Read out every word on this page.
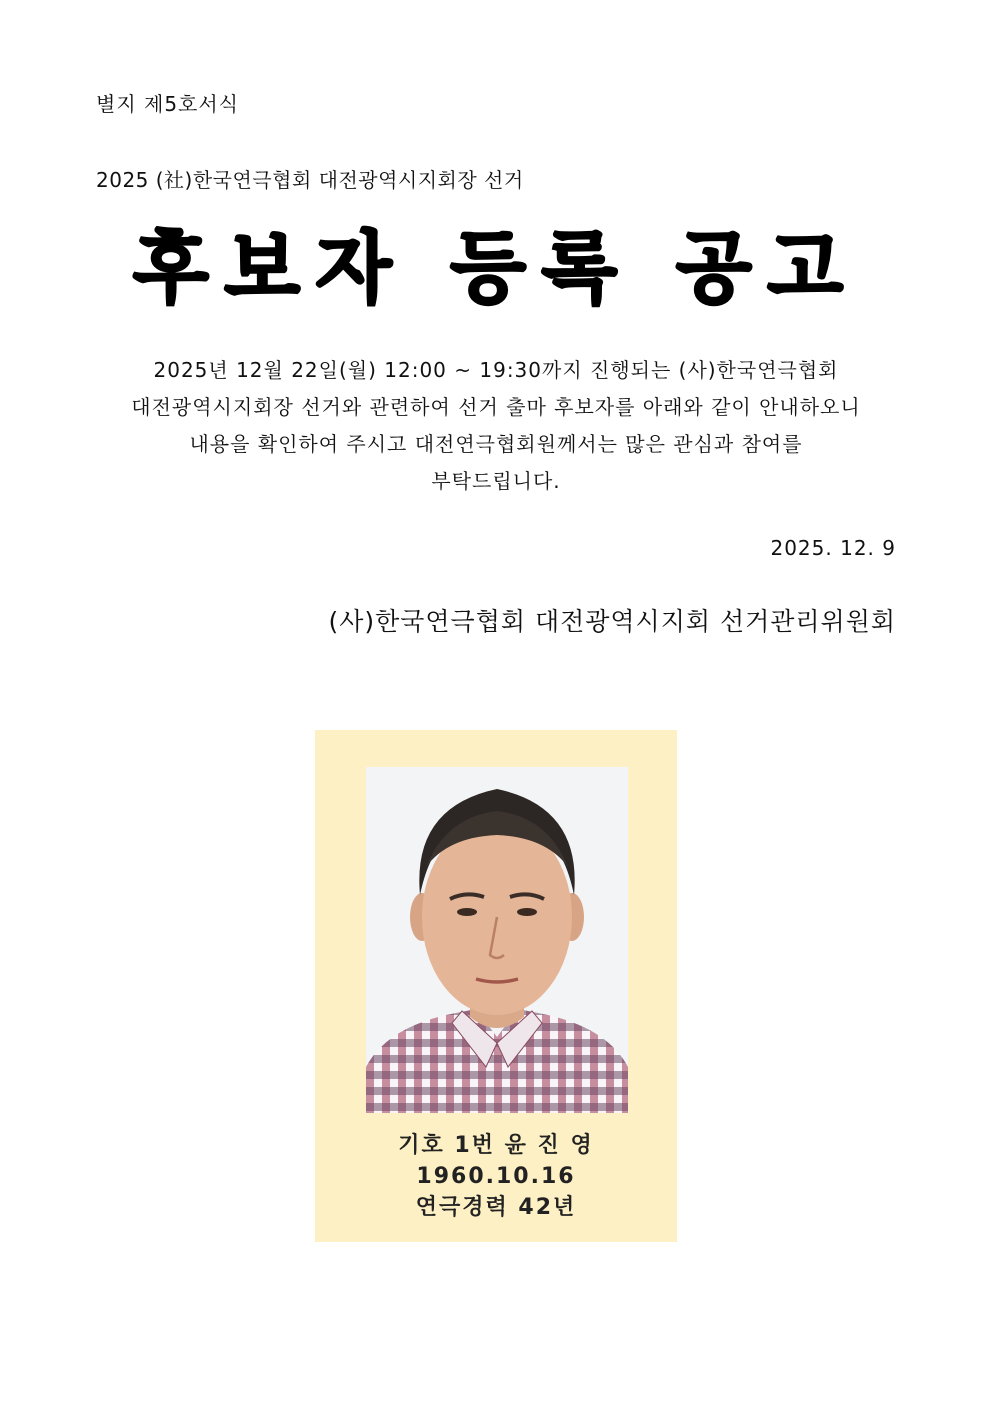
별지 제5호서식
2025 (社)한국연극협회 대전광역시지회장 선거
후보자 등록 공고
2025년 12월 22일(월) 12:00 ~ 19:30까지 진행되는 (사)한국연극협회
대전광역시지회장 선거와 관련하여 선거 출마 후보자를 아래와 같이 안내하오니
내용을 확인하여 주시고 대전연극협회원께서는 많은 관심과 참여를
부탁드립니다.
2025. 12. 9
(사)한국연극협회 대전광역시지회 선거관리위원회
기호 1번 윤 진 영
1960.10.16
연극경력 42년
